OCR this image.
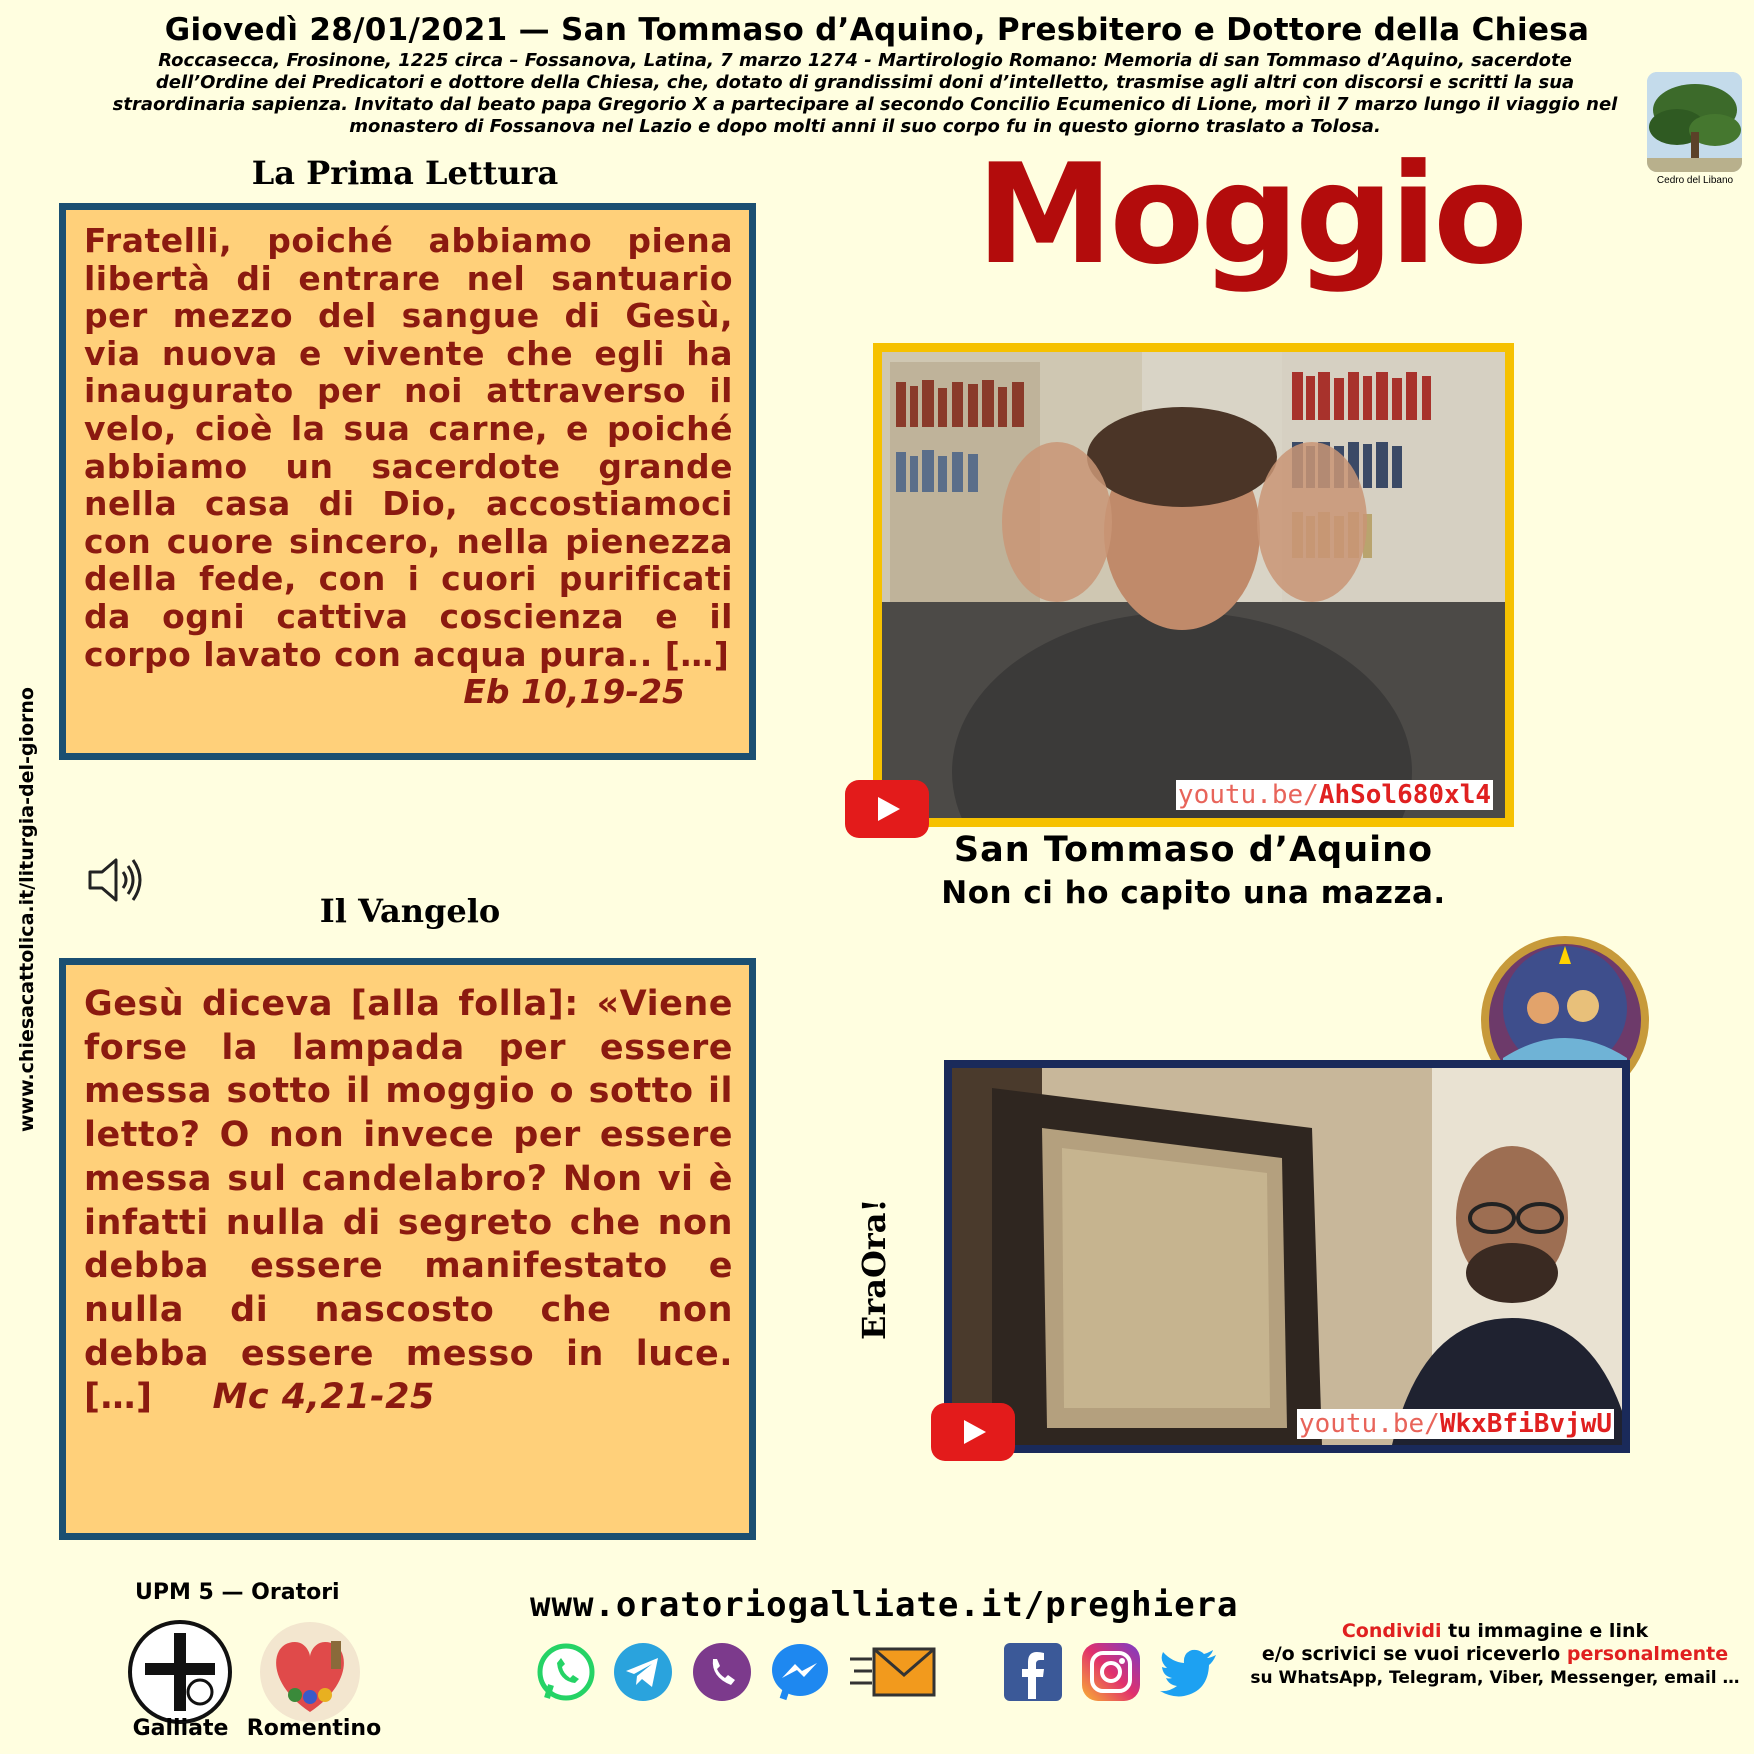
Giovedì 28/01/2021 — San Tommaso d’Aquino, Presbitero e Dottore della Chiesa
Roccasecca, Frosinone, 1225 circa – Fossanova, Latina, 7 marzo 1274 - Martirologio Romano: Memoria di san Tommaso d’Aquino, sacerdote dell’Ordine dei Predicatori e dottore della Chiesa, che, dotato di grandissimi doni d’intelletto, trasmise agli altri con discorsi e scritti la sua straordinaria sapienza. Invitato dal beato papa Gregorio X a partecipare al secondo Concilio Ecumenico di Lione, morì il 7 marzo lungo il viaggio nel monastero di Fossanova nel Lazio e dopo molti anni il suo corpo fu in questo giorno traslato a Tolosa.
Cedro del Libano
La Prima Lettura
Fratelli, poiché abbiamo piena libertà di entrare nel santuario per mezzo del sangue di Gesù, via nuova e vivente che egli ha inaugurato per noi attraverso il velo, cioè la sua carne, e poiché abbiamo un sacerdote grande nella casa di Dio, accostiamoci con cuore sincero, nella pienezza della fede, con i cuori purificati da ogni cattiva coscienza e il corpo lavato con acqua pura.. […]
Eb 10,19-25
www.chiesacattolica.it/liturgia-del-giorno	Il Vangelo
Gesù diceva [alla folla]: «Viene forse la lampada per essere messa sotto il moggio o sotto il letto? O non invece per essere messa sul candelabro? Non vi è infatti nulla di segreto che non debba essere manifestato e nulla di nascosto che non debba essere messo in luce. […] Mc 4,21-25
Moggio
youtu.be/AhSol680xl4
San Tommaso d’Aquino
Non ci ho capito una mazza.
EraOra!
youtu.be/WkxBfiBvjwU
UPM 5 — Oratori
Galliate Romentino
www.oratoriogalliate.it/preghiera
Condividi tu immagine e link
e/o scrivici se vuoi riceverlo personalmente
su WhatsApp, Telegram, Viber, Messenger, email …
